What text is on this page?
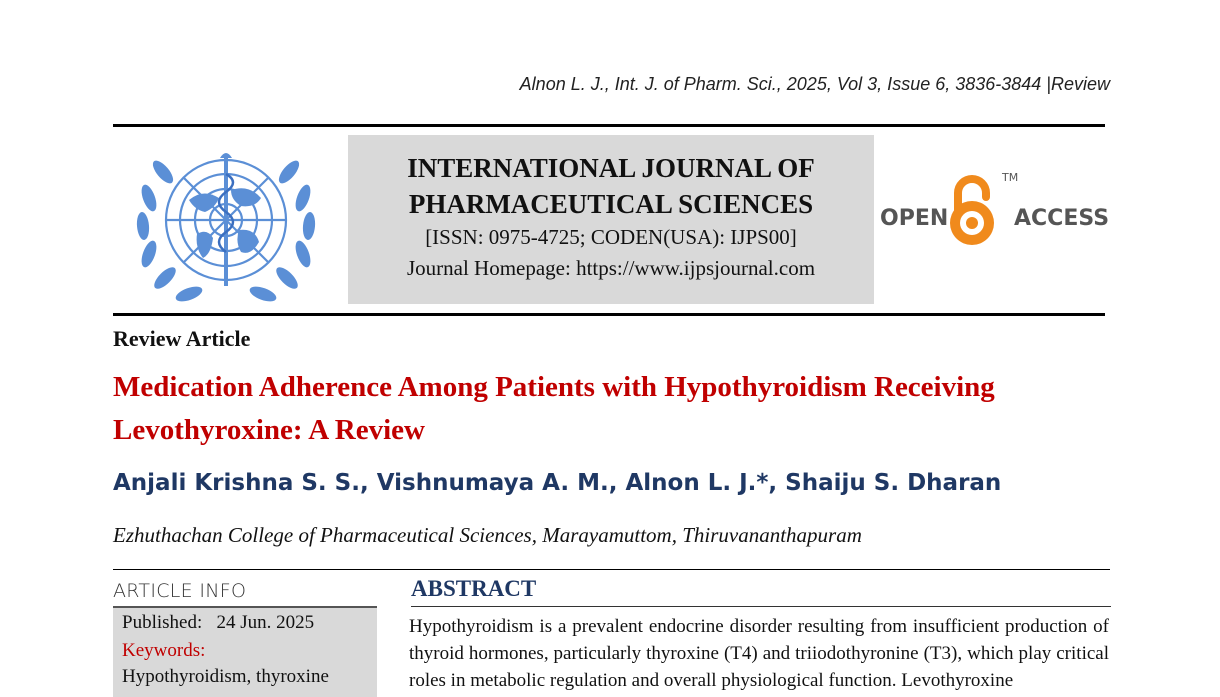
Alnon L. J., Int. J. of Pharm. Sci., 2025, Vol 3, Issue 6, 3836-3844 |Review
INTERNATIONAL JOURNAL OF
PHARMACEUTICAL SCIENCES
[ISSN: 0975-4725; CODEN(USA): IJPS00]
Journal Homepage: https://www.ijpsjournal.com
OPEN	ACCESS
TM
Review Article
Medication Adherence Among Patients with Hypothyroidism Receiving Levothyroxine: A Review
Anjali Krishna S. S., Vishnumaya A. M., Alnon L. J.*, Shaiju S. Dharan
Ezhuthachan College of Pharmaceutical Sciences, Marayamuttom, Thiruvananthapuram
ARTICLE INFO
Published: 24 Jun. 2025
Keywords:
Hypothyroidism, thyroxine
ABSTRACT
Hypothyroidism is a prevalent endocrine disorder resulting from insufficient production of thyroid hormones, particularly thyroxine (T4) and triiodothyronine (T3), which play critical roles in metabolic regulation and overall physiological function. Levothyroxine
